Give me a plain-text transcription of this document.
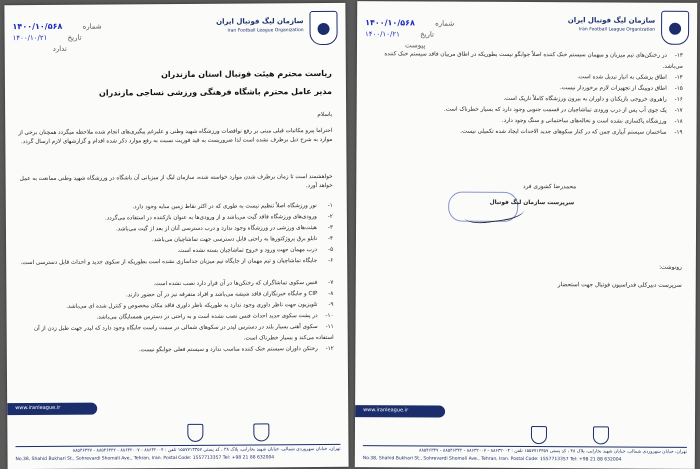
سازمان لیگ فوتبال ایران
Iran Football League Organization
۱۴۰۰/۱۰/۵۶۸	شماره
۱۴۰۰/۱۰/۲۱	تاریخ
ندارد
ریاست محترم هیئت فوتبال استان مازندران
مدیر عامل محترم باشگاه فرهنگی ورزشی نساجی مازندران
باسلام
احتراما پیرو مکاتبات قبلی مبنی بر رفع نواقصات ورزشگاه شهید وطنی و علیرغم پیگیری‌های انجام شده ملاحظه میگردد همچنان برخی از موارد به شرح ذیل برطرف نشده است لذا ضروریست به قید فوریت نسبت به رفع موارد ذکر شده اقدام و گزارشهای لازم ارسال گردد.
خواهشمند است تا زمان برطرف شدن موارد خواسته شده، سازمان لیگ از میزبانی آن باشگاه در ورزشگاه شهید وطنی ممانعت به عمل خواهد آورد.
۱-نور ورزشگاه اصلاً تنظیم نیست به طوری که در اکثر نقاط زمین سایه وجود دارد.
۲-ورودی‌های ورزشگاه فاقد گیت می‌باشد و از ورودی‌ها به عنوان بازکننده در استفاده می‌گردد.
۳-هیئت‌های ورزشی در ورزشگاه وجود ندارد و درب دسترسی آنان از بعد از گیت می‌باشد.
۴-تابلو برق پروژکتورها به راحتی قابل دسترسی جهت تماشاچیان می‌باشد.
۵-درب مهمان جهت ورود و خروج تماشاچیان بسته نشده است.
۶-جایگاه تماشاچیان و تیم مهمان از جایگاه تیم میزبان جداسازی نشده است بطوریکه از سکوی جدید و احداث قابل دسترسی است.
۷-فنس سکوی تماشاگران که رختکن‌ها در آن قرار دارد نصب نشده است.
۸-CIP و جایگاه خبرنگاران فاقد شیشه می‌باشد و افراد متفرقه نیز در آن حضور دارند.
۹-تلویزیون جهت ناظر داوری وجود ندارد به طوریکه ناظر داوری فاقد مکان مخصوص و کنترل شده ای می‌باشد.
۱۰-در پشت سکوی جدید احداث فنس نصب نشده است و به راحتی در دسترس همسایگان می‌باشد.
۱۱-سکوی آهنی بسیار بلند در دسترس لیدر در سکوهای شمالی در سمت راست جایگاه وجود دارد که لیدر جهت طبل زدن از آن استفاده می‌کند و بسیار خطرناک است.
۱۲-رختکن داوران سیستم خنک کننده مناسب ندارد و سیستم فعلی جوابگو نیست.
www.iranleague.ir
تهران، خیابان سهروردی شمالی، خیابان شهید بخارایی، پلاک ۳۸ ، کد پستی ۱۵۵۷۷۱۳۳۵۷ تلفن : ۸۸۶۳۲۰۰۴ - ۸۸۶۳۲۰۰۷ - ۸۸۵۴۶۳۳۲ - ۸۸۵۴۶۳۳۷
No.38, Shahid Bukhari St., Sohrevardi Shomali Ave., Tehran, Iran. Postal Code: 1557713357 Tel: +98 21 88 632004
سازمان لیگ فوتبال ایران
Iran Football League Organization
۱۴۰۰/۱۰/۵۶۸	شماره
۱۴۰۰/۱۰/۲۱	تاریخ
پیوست
۱۳-در رختکن‌های تیم میزبان و میهمان سیستم خنک کننده اصلاً جوابگو نیست بطوریکه در اطاق مربیان فاقد سیستم خنک کننده می‌باشد.
۱۴-اطاق پزشکی به انبار تبدیل شده است.
۱۵-اطاق دوپینگ از تجهیزات لازم برخوردار نیست.
۱۶-راهروی خروجی بازیکنان و داوران به بیرون ورزشگاه کاملاً تاریک است.
۱۷-پک جوی آب پس از درب ورودی تماشاچیان در قسمت جنوبی وجود دارد که بسیار خطرناک است.
۱۸-ورزشگاه پاکسازی نشده است و نخاله‌های ساختمانی و سنگ وجود دارد.
۱۹-ساختمان سیستم آبیاری چمن که در کنار سکو‌های جدید الاحداث ایجاد شده تکمیلی نیست.
محمدرضا کشوری فرد
سرپرست سازمان لیگ فوتبال
رونوشت:
سرپرست دبیرکلی فدراسیون فوتبال جهت استحضار
www.iranleague.ir
تهران، خیابان سهروردی شمالی، خیابان شهید بخارایی، پلاک ۳۸ ، کد پستی ۱۵۵۷۷۱۳۳۵۷ تلفن : ۸۸۶۳۲۰۰۴ - ۸۸۶۳۲۰۰۷ - ۸۸۵۴۶۳۳۲ - ۸۸۵۴۶۳۳۷
No.38, Shahid Bukhari St., Sohrevardi Shomali Ave., Tehran, Iran. Postal Code: 1557713357 Tel: +98 21 88 632004
